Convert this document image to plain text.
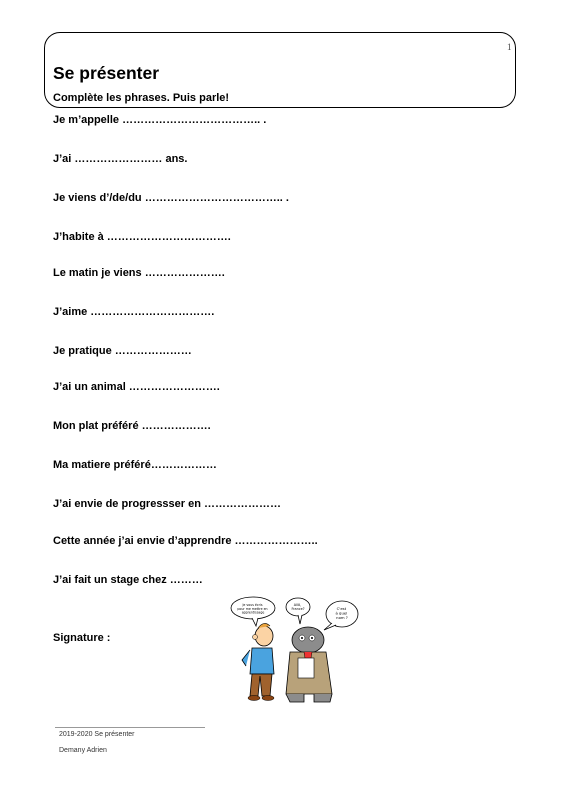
1
Se présenter
Complète les phrases. Puis parle!
Je m’appelle ……………………………….. .
J’ai …………………… ans.
Je viens d’/de/du ……………………………….. .
J’habite à …………………………….
Le matin je viens ………………….
J’aime …………………………….
Je pratique …………………
J’ai un animal …………………….
Mon plat préféré ……………….
Ma matiere préféré………………
J’ai envie de progressser en …………………
Cette année j’ai envie d’apprendre …………………..
J’ai fait un stage chez ………
Signature :
Je vous écris pour me mettre en apprentissage
Allô, France?	C'est à quel nom ?
2019-2020 Se présenter
Demany Adrien
